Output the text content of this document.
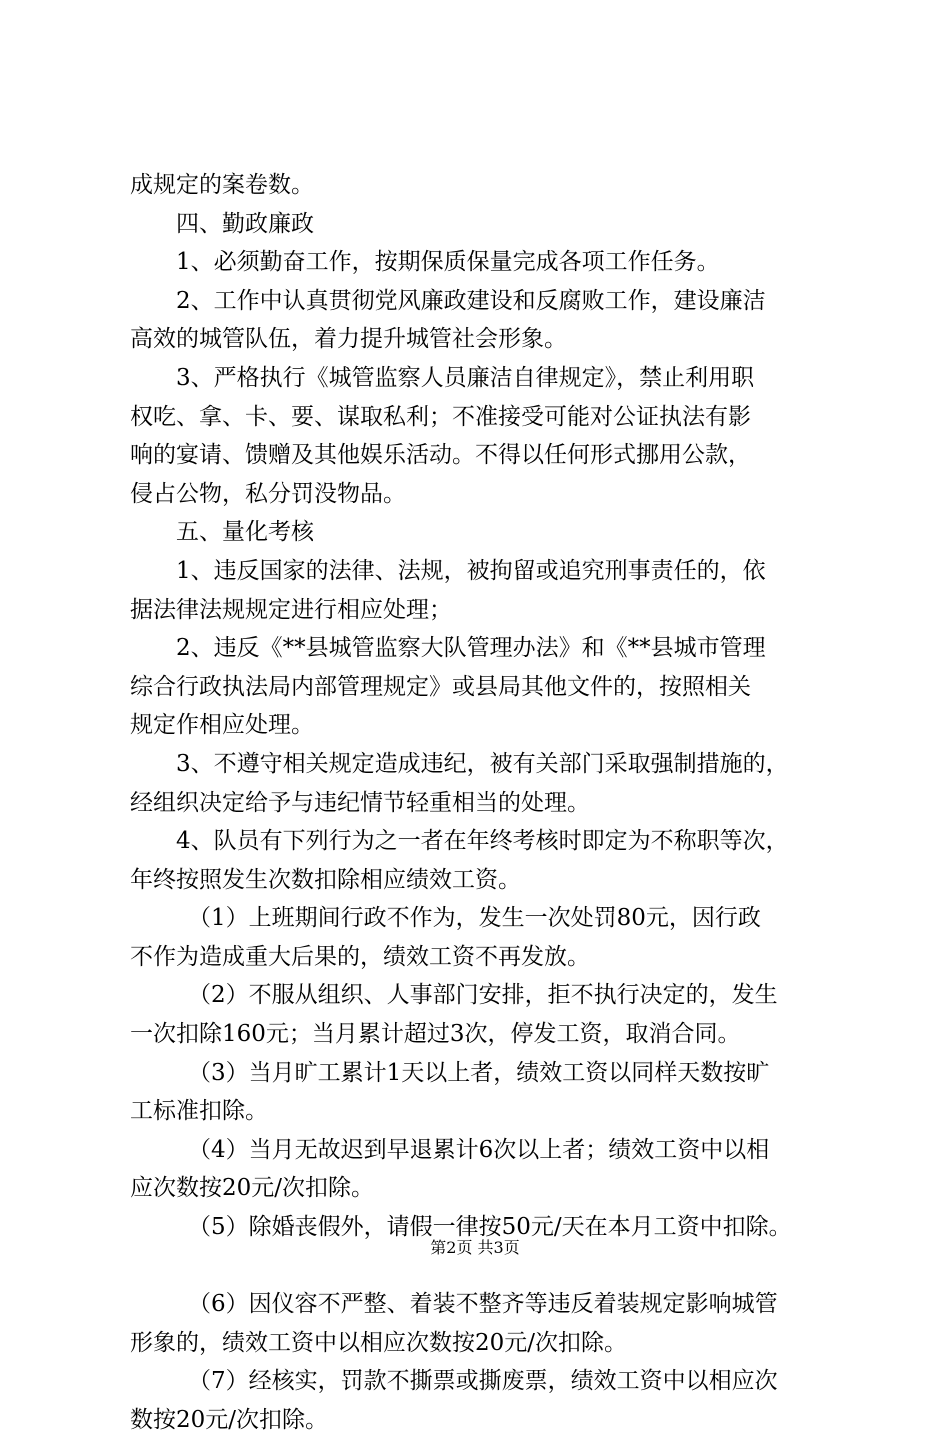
成规定的案卷数。
四、勤政廉政
1、必须勤奋工作，按期保质保量完成各项工作任务。
2、工作中认真贯彻党风廉政建设和反腐败工作，建设廉洁
高效的城管队伍，着力提升城管社会形象。
3、严格执行《城管监察人员廉洁自律规定》，禁止利用职
权吃、拿、卡、要、谋取私利；不准接受可能对公证执法有影
响的宴请、馈赠及其他娱乐活动。不得以任何形式挪用公款，
侵占公物，私分罚没物品。
五、量化考核
1、违反国家的法律、法规，被拘留或追究刑事责任的，依
据法律法规规定进行相应处理；
2、违反《**县城管监察大队管理办法》和《**县城市管理
综合行政执法局内部管理规定》或县局其他文件的，按照相关
规定作相应处理。
3、不遵守相关规定造成违纪，被有关部门采取强制措施的，
经组织决定给予与违纪情节轻重相当的处理。
4、队员有下列行为之一者在年终考核时即定为不称职等次，
年终按照发生次数扣除相应绩效工资。
（1）上班期间行政不作为，发生一次处罚80元，因行政
不作为造成重大后果的，绩效工资不再发放。
（2）不服从组织、人事部门安排，拒不执行决定的，发生
一次扣除160元；当月累计超过3次，停发工资，取消合同。
（3）当月旷工累计1天以上者，绩效工资以同样天数按旷
工标准扣除。
（4）当月无故迟到早退累计6次以上者；绩效工资中以相
应次数按20元/次扣除。
（5）除婚丧假外，请假一律按50元/天在本月工资中扣除。
（6）因仪容不严整、着装不整齐等违反着装规定影响城管
形象的，绩效工资中以相应次数按20元/次扣除。
（7）经核实，罚款不撕票或撕废票，绩效工资中以相应次
数按20元/次扣除。
第2页 共3页
